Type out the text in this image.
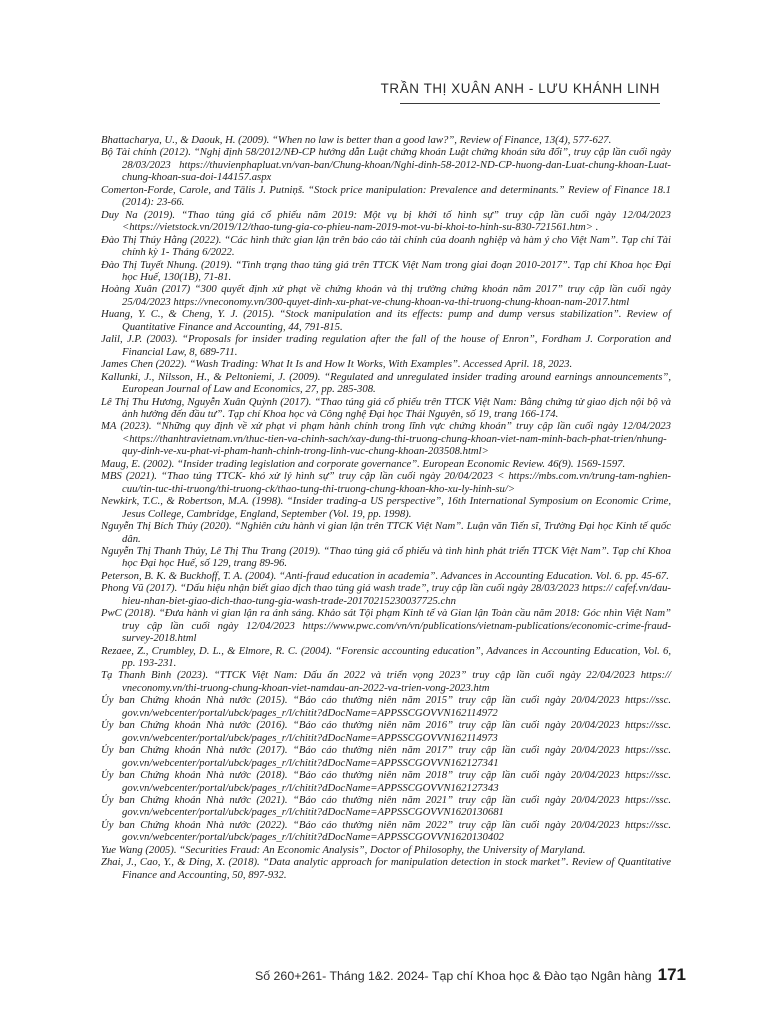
TRẦN THỊ XUÂN ANH - LƯU KHÁNH LINH

Bhattacharya, U., & Daouk, H. (2009). “When no law is better than a good law?”, Review of Finance, 13(4), 577-627.

Bộ Tài chính (2012). “Nghị định 58/2012/NĐ-CP hướng dẫn Luật chứng khoán Luật chứng khoán sửa đổi”, truy cập lần cuối ngày 28/03/2023 https://thuvienphapluat.vn/van-ban/Chung-khoan/Nghi-dinh-58-2012-ND-CP-huong-dan-Luat-chung-khoan-Luat-chung-khoan-sua-doi-144157.aspx

Comerton-Forde, Carole, and Tālis J. Putniņš. “Stock price manipulation: Prevalence and determinants.” Review of Finance 18.1 (2014): 23-66.

Duy Na (2019). “Thao túng giá cổ phiếu năm 2019: Một vụ bị khởi tố hình sự” truy cập lần cuối ngày 12/04/2023 <https://vietstock.vn/2019/12/thao-tung-gia-co-phieu-nam-2019-mot-vu-bi-khoi-to-hinh-su-830-721561.htm> .

Đào Thị Thúy Hằng (2022). “Các hình thức gian lận trên báo cáo tài chính của doanh nghiệp và hàm ý cho Việt Nam”. Tạp chí Tài chính kỳ 1- Tháng 6/2022.

Đào Thị Tuyết Nhung. (2019). “Tình trạng thao túng giá trên TTCK Việt Nam trong giai đoạn 2010-2017”. Tạp chí Khoa học Đại học Huế, 130(1B), 71-81.

Hoàng Xuân (2017) “300 quyết định xử phạt về chứng khoán và thị trường chứng khoán năm 2017” truy cập lần cuối ngày 25/04/2023 https://vneconomy.vn/300-quyet-dinh-xu-phat-ve-chung-khoan-va-thi-truong-chung-khoan-nam-2017.html

Huang, Y. C., & Cheng, Y. J. (2015). “Stock manipulation and its effects: pump and dump versus stabilization”. Review of Quantitative Finance and Accounting, 44, 791-815.

Jalil, J.P. (2003). “Proposals for insider trading regulation after the fall of the house of Enron”, Fordham J. Corporation and Financial Law, 8, 689-711.

James Chen (2022). “Wash Trading: What It Is and How It Works, With Examples”. Accessed April. 18, 2023.

Kallunki, J., Nilsson, H., & Peltoniemi, J. (2009). “Regulated and unregulated insider trading around earnings announcements”, European Journal of Law and Economics, 27, pp. 285-308.

Lê Thị Thu Hương, Nguyễn Xuân Quỳnh (2017). “Thao túng giá cổ phiếu trên TTCK Việt Nam: Bằng chứng từ giao dịch nội bộ và ảnh hưởng đến đầu tư”. Tạp chí Khoa học và Công nghệ Đại học Thái Nguyên, số 19, trang 166-174.

MA (2023). “Những quy định về xử phạt vi phạm hành chính trong lĩnh vực chứng khoán” truy cập lần cuối ngày 12/04/2023 <https://thanhtravietnam.vn/thuc-tien-va-chinh-sach/xay-dung-thi-truong-chung-khoan-viet-nam-minh-bach-phat-trien/nhung-quy-dinh-ve-xu-phat-vi-pham-hanh-chinh-trong-linh-vuc-chung-khoan-203508.html>

Maug, E. (2002). “Insider trading legislation and corporate governance”. European Economic Review. 46(9). 1569-1597.

MBS (2021). “Thao túng TTCK- khó xử lý hình sự” truy cập lần cuối ngày 20/04/2023 < https://mbs.com.vn/trung-tam-nghien-cuu/tin-tuc-thi-truong/thi-truong-ck/thao-tung-thi-truong-chung-khoan-kho-xu-ly-hinh-su/>

Newkirk, T.C., & Robertson, M.A. (1998). “Insider trading-a US perspective”, 16th International Symposium on Economic Crime, Jesus College, Cambridge, England, September (Vol. 19, pp. 1998).

Nguyễn Thị Bích Thủy (2020). “Nghiên cứu hành vi gian lận trên TTCK Việt Nam”. Luận văn Tiến sĩ, Trường Đại học Kinh tế quốc dân.

Nguyễn Thị Thanh Thủy, Lê Thị Thu Trang (2019). “Thao túng giá cổ phiếu và tình hình phát triển TTCK Việt Nam”. Tạp chí Khoa học Đại học Huế, số 129, trang 89-96.

Peterson, B. K. & Buckhoff, T. A. (2004). “Anti-fraud education in academia”. Advances in Accounting Education. Vol. 6. pp. 45-67.

Phong Vũ (2017). “Dấu hiệu nhận biết giao dịch thao túng giá wash trade”, truy cập lần cuối ngày 28/03/2023 https:// cafef.vn/dau-hieu-nhan-biet-giao-dich-thao-tung-gia-wash-trade-20170215230037725.chn

PwC (2018). “Đưa hành vi gian lận ra ánh sáng. Khảo sát Tội phạm Kinh tế và Gian lận Toàn cầu năm 2018: Góc nhìn Việt Nam” truy cập lần cuối ngày 12/04/2023 https://www.pwc.com/vn/vn/publications/vietnam-publications/economic-crime-fraud-survey-2018.html

Rezaee, Z., Crumbley, D. L., & Elmore, R. C. (2004). “Forensic accounting education”, Advances in Accounting Education, Vol. 6, pp. 193-231.

Tạ Thanh Bình (2023). “TTCK Việt Nam: Dấu ấn 2022 và triển vọng 2023” truy cập lần cuối ngày 22/04/2023 https:// vneconomy.vn/thi-truong-chung-khoan-viet-namdau-an-2022-va-trien-vong-2023.htm

Ủy ban Chứng khoán Nhà nước (2015). “Báo cáo thường niên năm 2015” truy cập lần cuối ngày 20/04/2023 https://ssc. gov.vn/webcenter/portal/ubck/pages_r/l/chitit?dDocName=APPSSCGOVVN162114972

Ủy ban Chứng khoán Nhà nước (2016). “Báo cáo thường niên năm 2016” truy cập lần cuối ngày 20/04/2023 https://ssc. gov.vn/webcenter/portal/ubck/pages_r/l/chitit?dDocName=APPSSCGOVVN162114973

Ủy ban Chứng khoán Nhà nước (2017). “Báo cáo thường niên năm 2017” truy cập lần cuối ngày 20/04/2023 https://ssc. gov.vn/webcenter/portal/ubck/pages_r/l/chitit?dDocName=APPSSCGOVVN162127341

Ủy ban Chứng khoán Nhà nước (2018). “Báo cáo thường niên năm 2018” truy cập lần cuối ngày 20/04/2023 https://ssc. gov.vn/webcenter/portal/ubck/pages_r/l/chitit?dDocName=APPSSCGOVVN162127343

Ủy ban Chứng khoán Nhà nước (2021). “Báo cáo thường niên năm 2021” truy cập lần cuối ngày 20/04/2023 https://ssc. gov.vn/webcenter/portal/ubck/pages_r/l/chitit?dDocName=APPSSCGOVVN1620130681

Ủy ban Chứng khoán Nhà nước (2022). “Báo cáo thường niên năm 2022” truy cập lần cuối ngày 20/04/2023 https://ssc. gov.vn/webcenter/portal/ubck/pages_r/l/chitit?dDocName=APPSSCGOVVN1620130402

Yue Wang (2005). “Securities Fraud: An Economic Analysis”, Doctor of Philosophy, the University of Maryland.

Zhai, J., Cao, Y., & Ding, X. (2018). “Data analytic approach for manipulation detection in stock market”. Review of Quantitative Finance and Accounting, 50, 897-932.

Số 260+261- Tháng 1&2. 2024- Tạp chí Khoa học & Đào tạo Ngân hàng 171
